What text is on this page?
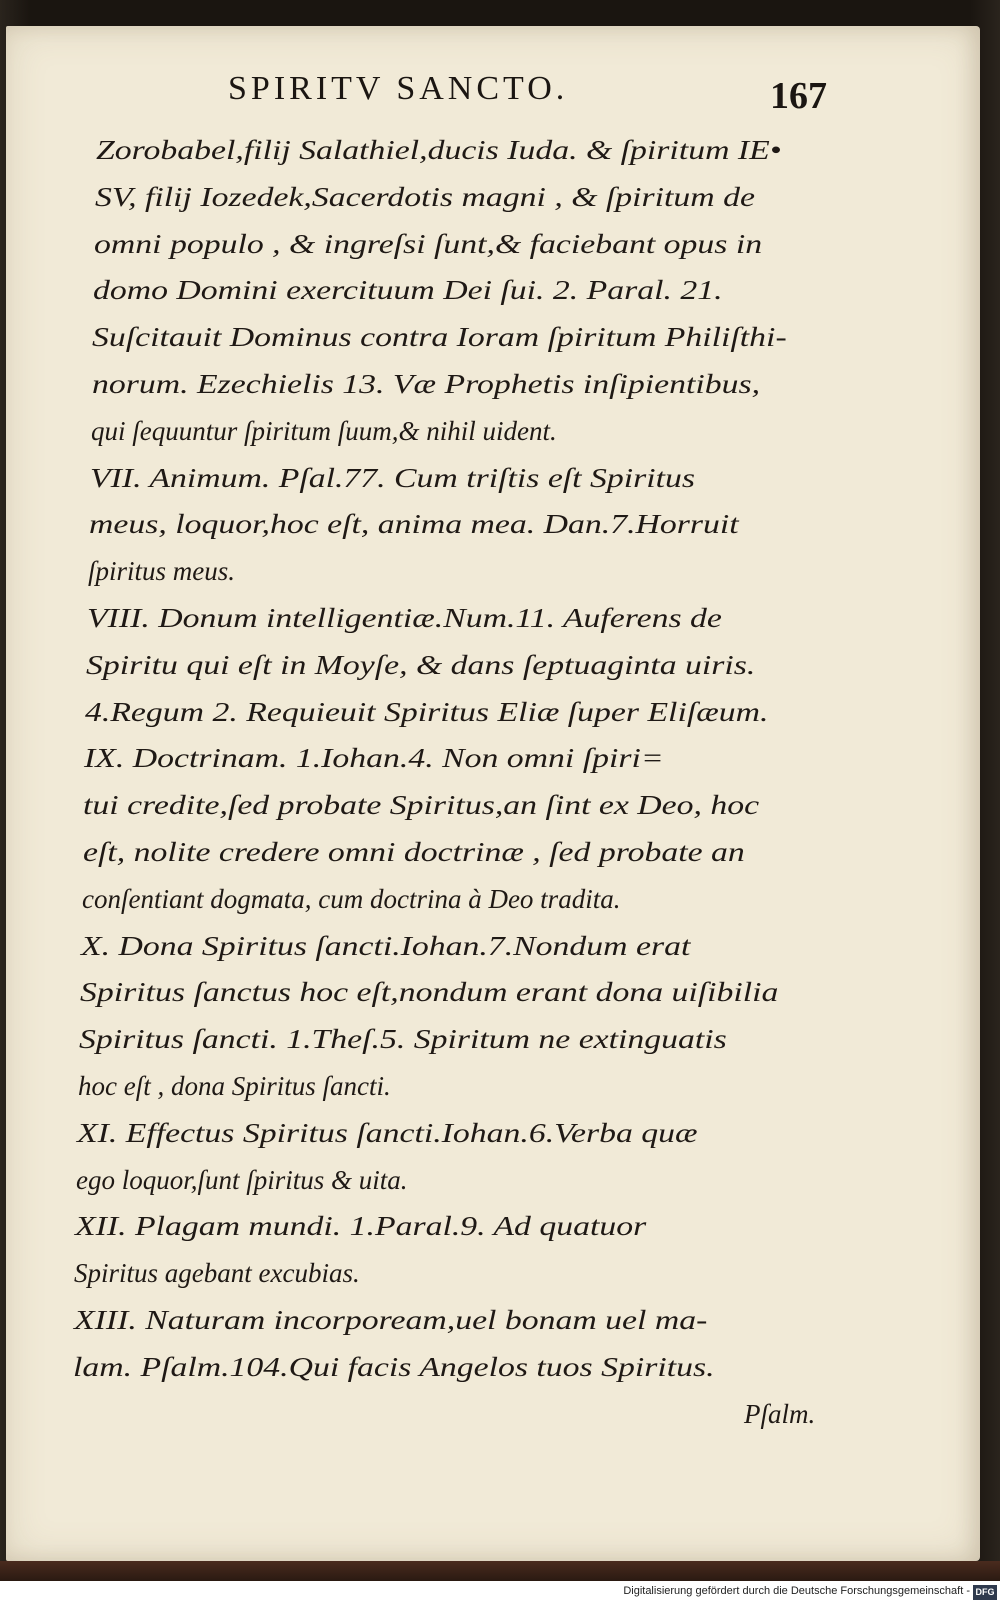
SPIRITV SANCTO.	167
Zorobabel,filij Salathiel,ducis Iuda. & ſpiritum IE•
SV, filij Iozedek,Sacerdotis magni , & ſpiritum de
omni populo , & ingreſsi ſunt,& faciebant opus in
domo Domini exercituum Dei ſui. 2. Paral. 21.
Suſcitauit Dominus contra Ioram ſpiritum Philiſthi-
norum. Ezechielis 13. Væ Prophetis inſipientibus,
qui ſequuntur ſpiritum ſuum,& nihil uident.
VII. Animum. Pſal.77. Cum triſtis eſt Spiritus
meus, loquor,hoc eſt, anima mea. Dan.7.Horruit
ſpiritus meus.
VIII. Donum intelligentiæ.Num.11. Auferens de
Spiritu qui eſt in Moyſe, & dans ſeptuaginta uiris.
4.Regum 2. Requieuit Spiritus Eliæ ſuper Eliſæum.
IX. Doctrinam. 1.Iohan.4. Non omni ſpiri=
tui credite,ſed probate Spiritus,an ſint ex Deo, hoc
eſt, nolite credere omni doctrinæ , ſed probate an
conſentiant dogmata, cum doctrina à Deo tradita.
X. Dona Spiritus ſancti.Iohan.7.Nondum erat
Spiritus ſanctus hoc eſt,nondum erant dona uiſibilia
Spiritus ſancti. 1.Theſ.5. Spiritum ne extinguatis
hoc eſt , dona Spiritus ſancti.
XI. Effectus Spiritus ſancti.Iohan.6.Verba quæ
ego loquor,ſunt ſpiritus & uita.
XII. Plagam mundi. 1.Paral.9. Ad quatuor
Spiritus agebant excubias.
XIII. Naturam incorpoream,uel bonam uel ma-
lam. Pſalm.104.Qui facis Angelos tuos Spiritus.
Pſalm.
Digitalisierung gefördert durch die Deutsche Forschungsgemeinschaft - DFG
